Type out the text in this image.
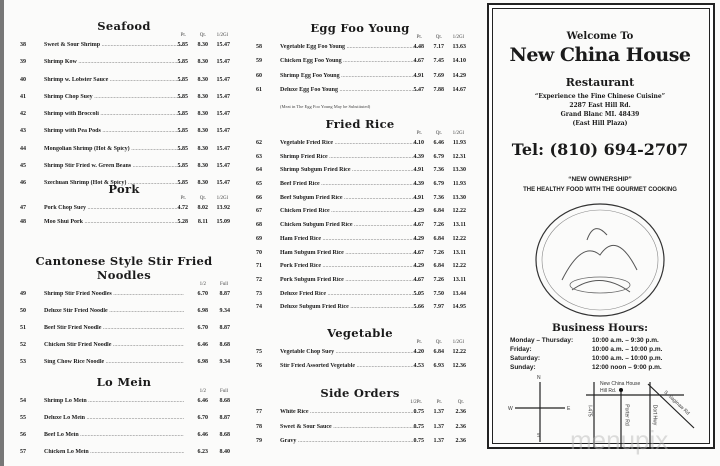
Seafood
Pt.	Qt. 1/2Gl
38	Sweet & Sour Shrimp .....	5.85	8.30	15.47
39	Shrimp Kow .....	5.85	8.30	15.47
40	Shrimp w. Lobster Sauce .....	5.85	8.30	15.47
41	Shrimp Chop Suey .....	5.85	8.30	15.47
42	Shrimp with Broccoli .....	5.85	8.30	15.47
43	Shrimp with Pea Pods .....	5.85	8.30	15.47
44	Mongolian Shrimp (Hot & Spicy) .....	5.85	8.30	15.47
45	Shrimp Stir Fried w. Green Beans .....	5.85	8.30	15.47
46	Szechuan Shrimp (Hot & Spicy) .....	5.85	8.30	15.47
Pork
Pt.	Qt. 1/2Gl
47	Pork Chop Suey .....	4.72	8.02	13.92
48	Moo Shui Pork .....	5.28	8.11	15.09
Cantonese Style Stir Fried
Noodles
1/2	Full
49	Shrimp Stir Fried Noodles .....	6.70	8.87
50	Deluxe Stir Fried Noodle .....	6.98	9.34
51	Beef Stir Fried Noodle .....	6.70	8.87
52	Chicken Stir Fried Noodle .....	6.46	8.68
53	Sing Chow Rice Noodle .....	6.98	9.34
Lo Mein
1/2	Full
54	Shrimp Lo Mein .....	6.46	8.68
55	Deluxe Lo Mein .....	6.70	8.87
56	Beef Lo Mein .....	6.46	8.68
57	Chicken Lo Mein .....	6.23	8.40
Egg Foo Young
Pt.	Qt. 1/2Gl
58	Vegetable Egg Foo Young .....	4.48	7.17	13.63
59	Chicken Egg Foo Young .....	4.67	7.45	14.10
60	Shrimp Egg Foo Young .....	4.91	7.69	14.29
61	Deluxe Egg Foo Young .....	5.47	7.88	14.67
(Meat in The Egg Foo Young May be Substituted)
Fried Rice
Pt.	Qt. 1/2Gl
62	Vegetable Fried Rice .....	4.10	6.46	11.93
63	Shrimp Fried Rice .....	4.39	6.79	12.31
64	Shrimp Subgum Fried Rice .....	4.91	7.36	13.30
65	Beef Fried Rice .....	4.39	6.79	11.93
66	Beef Subgum Fried Rice .....	4.91	7.36	13.30
67	Chicken Fried Rice .....	4.29	6.84	12.22
68	Chicken Subgum Fried Rice .....	4.67	7.26	13.11
69	Ham Fried Rice .....	4.29	6.84	12.22
70	Ham Subgum Fried Rice .....	4.67	7.26	13.11
71	Pork Fried Rice .....	4.29	6.84	12.22
72	Pork Subgum Fried Rice .....	4.67	7.26	13.11
73	Deluxe Fried Rice .....	5.05	7.50	13.44
74	Deluxe Subgum Fried Rice .....	5.66	7.97	14.95
Vegetable
Pt.	Qt. 1/2Gl
75	Vegetable Chop Suey .....	4.20	6.84	12.22
76	Stir Fried Assorted Vegetable .....	4.53	6.93	12.36
Side Orders
1/2Pt.	Pt.	Qt.
77	White Rice .....	0.75	1.37	2.36
78	Sweet & Sour Sauce .....	0.75	1.37	2.36
79	Gravy .....	0.75	1.37	2.36
Welcome To
New China House
Restaurant
“Experience the Fine Chinese Cuisine”
2287 East Hill Rd.
Grand Blanc MI. 48439
(East Hill Plaza)
Tel: (810) 694-2707
“NEW OWNERSHIP”
THE HEALTHY FOOD WITH THE GOURMET COOKING
Business Hours:
Monday – Thursday:	10:00 a.m. – 9:30 p.m.
Friday:	10:00 a.m. – 10:00 p.m.
Saturday:	10:00 a.m. – 10:00 p.m.
Sunday:	12:00 noon – 9:00 p.m.
N
S
E
W
New China House
Hill Rd.
I-475	Porter Rd	Dort Hwy S. Saginaw Rd
menupix
